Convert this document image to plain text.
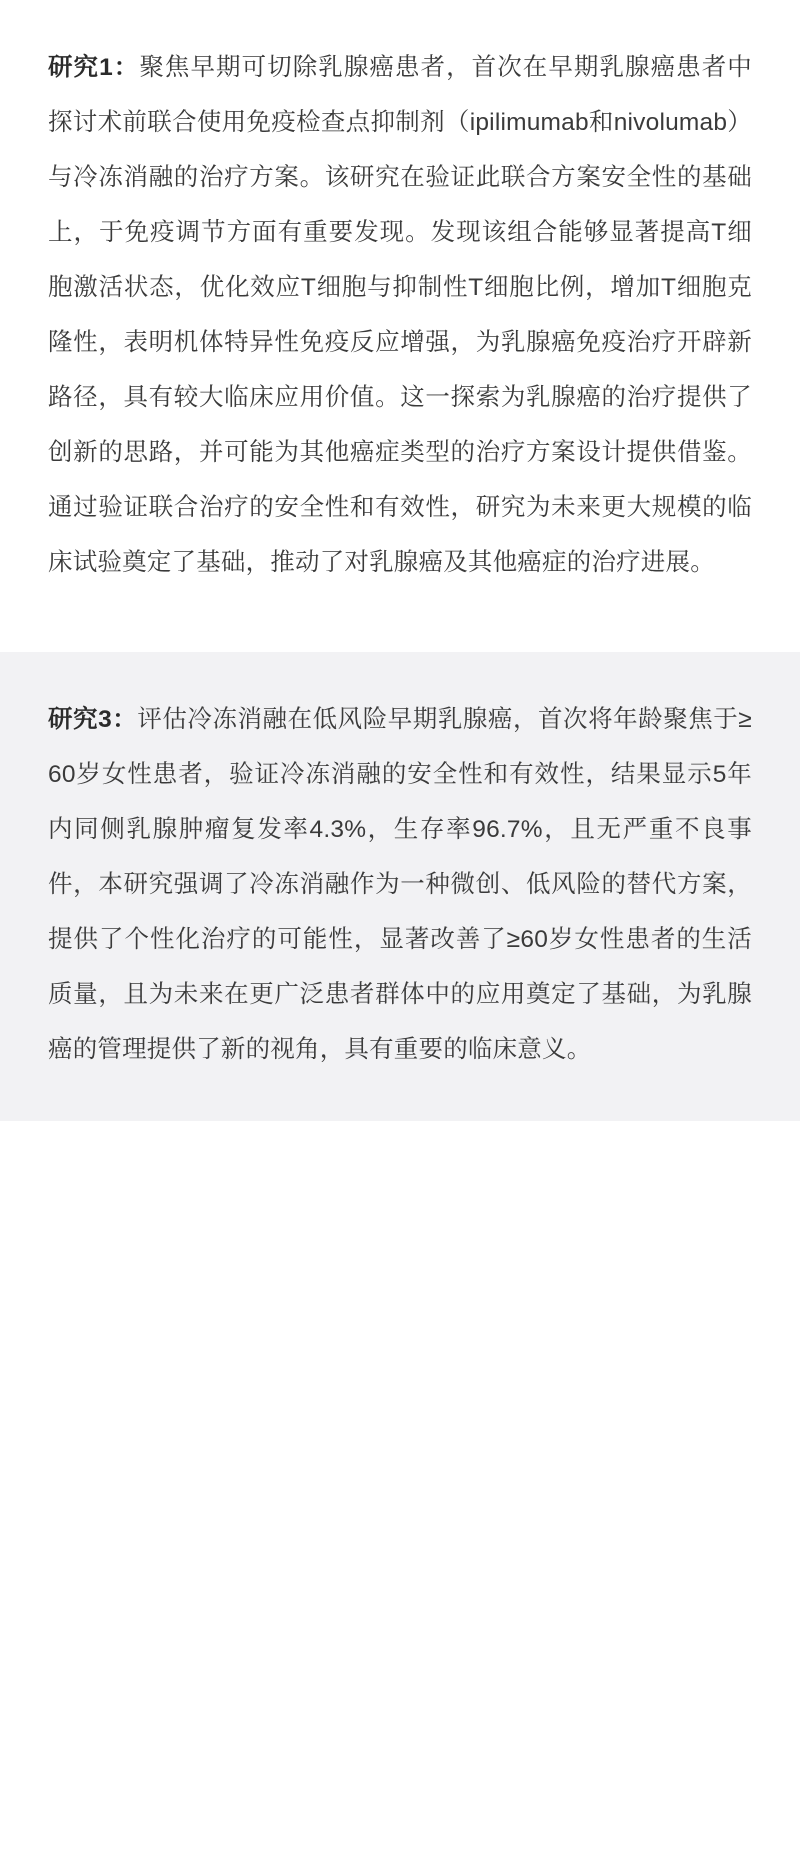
研究1：聚焦早期可切除乳腺癌患者，首次在早期乳腺癌患者中探讨术前联合使用免疫检查点抑制剂（ipilimumab和nivolumab）与冷冻消融的治疗方案。该研究在验证此联合方案安全性的基础上，于免疫调节方面有重要发现。发现该组合能够显著提高T细胞激活状态，优化效应T细胞与抑制性T细胞比例，增加T细胞克隆性，表明机体特异性免疫反应增强，为乳腺癌免疫治疗开辟新路径，具有较大临床应用价值。这一探索为乳腺癌的治疗提供了创新的思路，并可能为其他癌症类型的治疗方案设计提供借鉴。通过验证联合治疗的安全性和有效性，研究为未来更大规模的临床试验奠定了基础，推动了对乳腺癌及其他癌症的治疗进展。

研究3：评估冷冻消融在低风险早期乳腺癌，首次将年龄聚焦于≥60岁女性患者，验证冷冻消融的安全性和有效性，结果显示5年内同侧乳腺肿瘤复发率4.3%，生存率96.7%，且无严重不良事件，本研究强调了冷冻消融作为一种微创、低风险的替代方案，提供了个性化治疗的可能性，显著改善了≥60岁女性患者的生活质量，且为未来在更广泛患者群体中的应用奠定了基础，为乳腺癌的管理提供了新的视角，具有重要的临床意义。
